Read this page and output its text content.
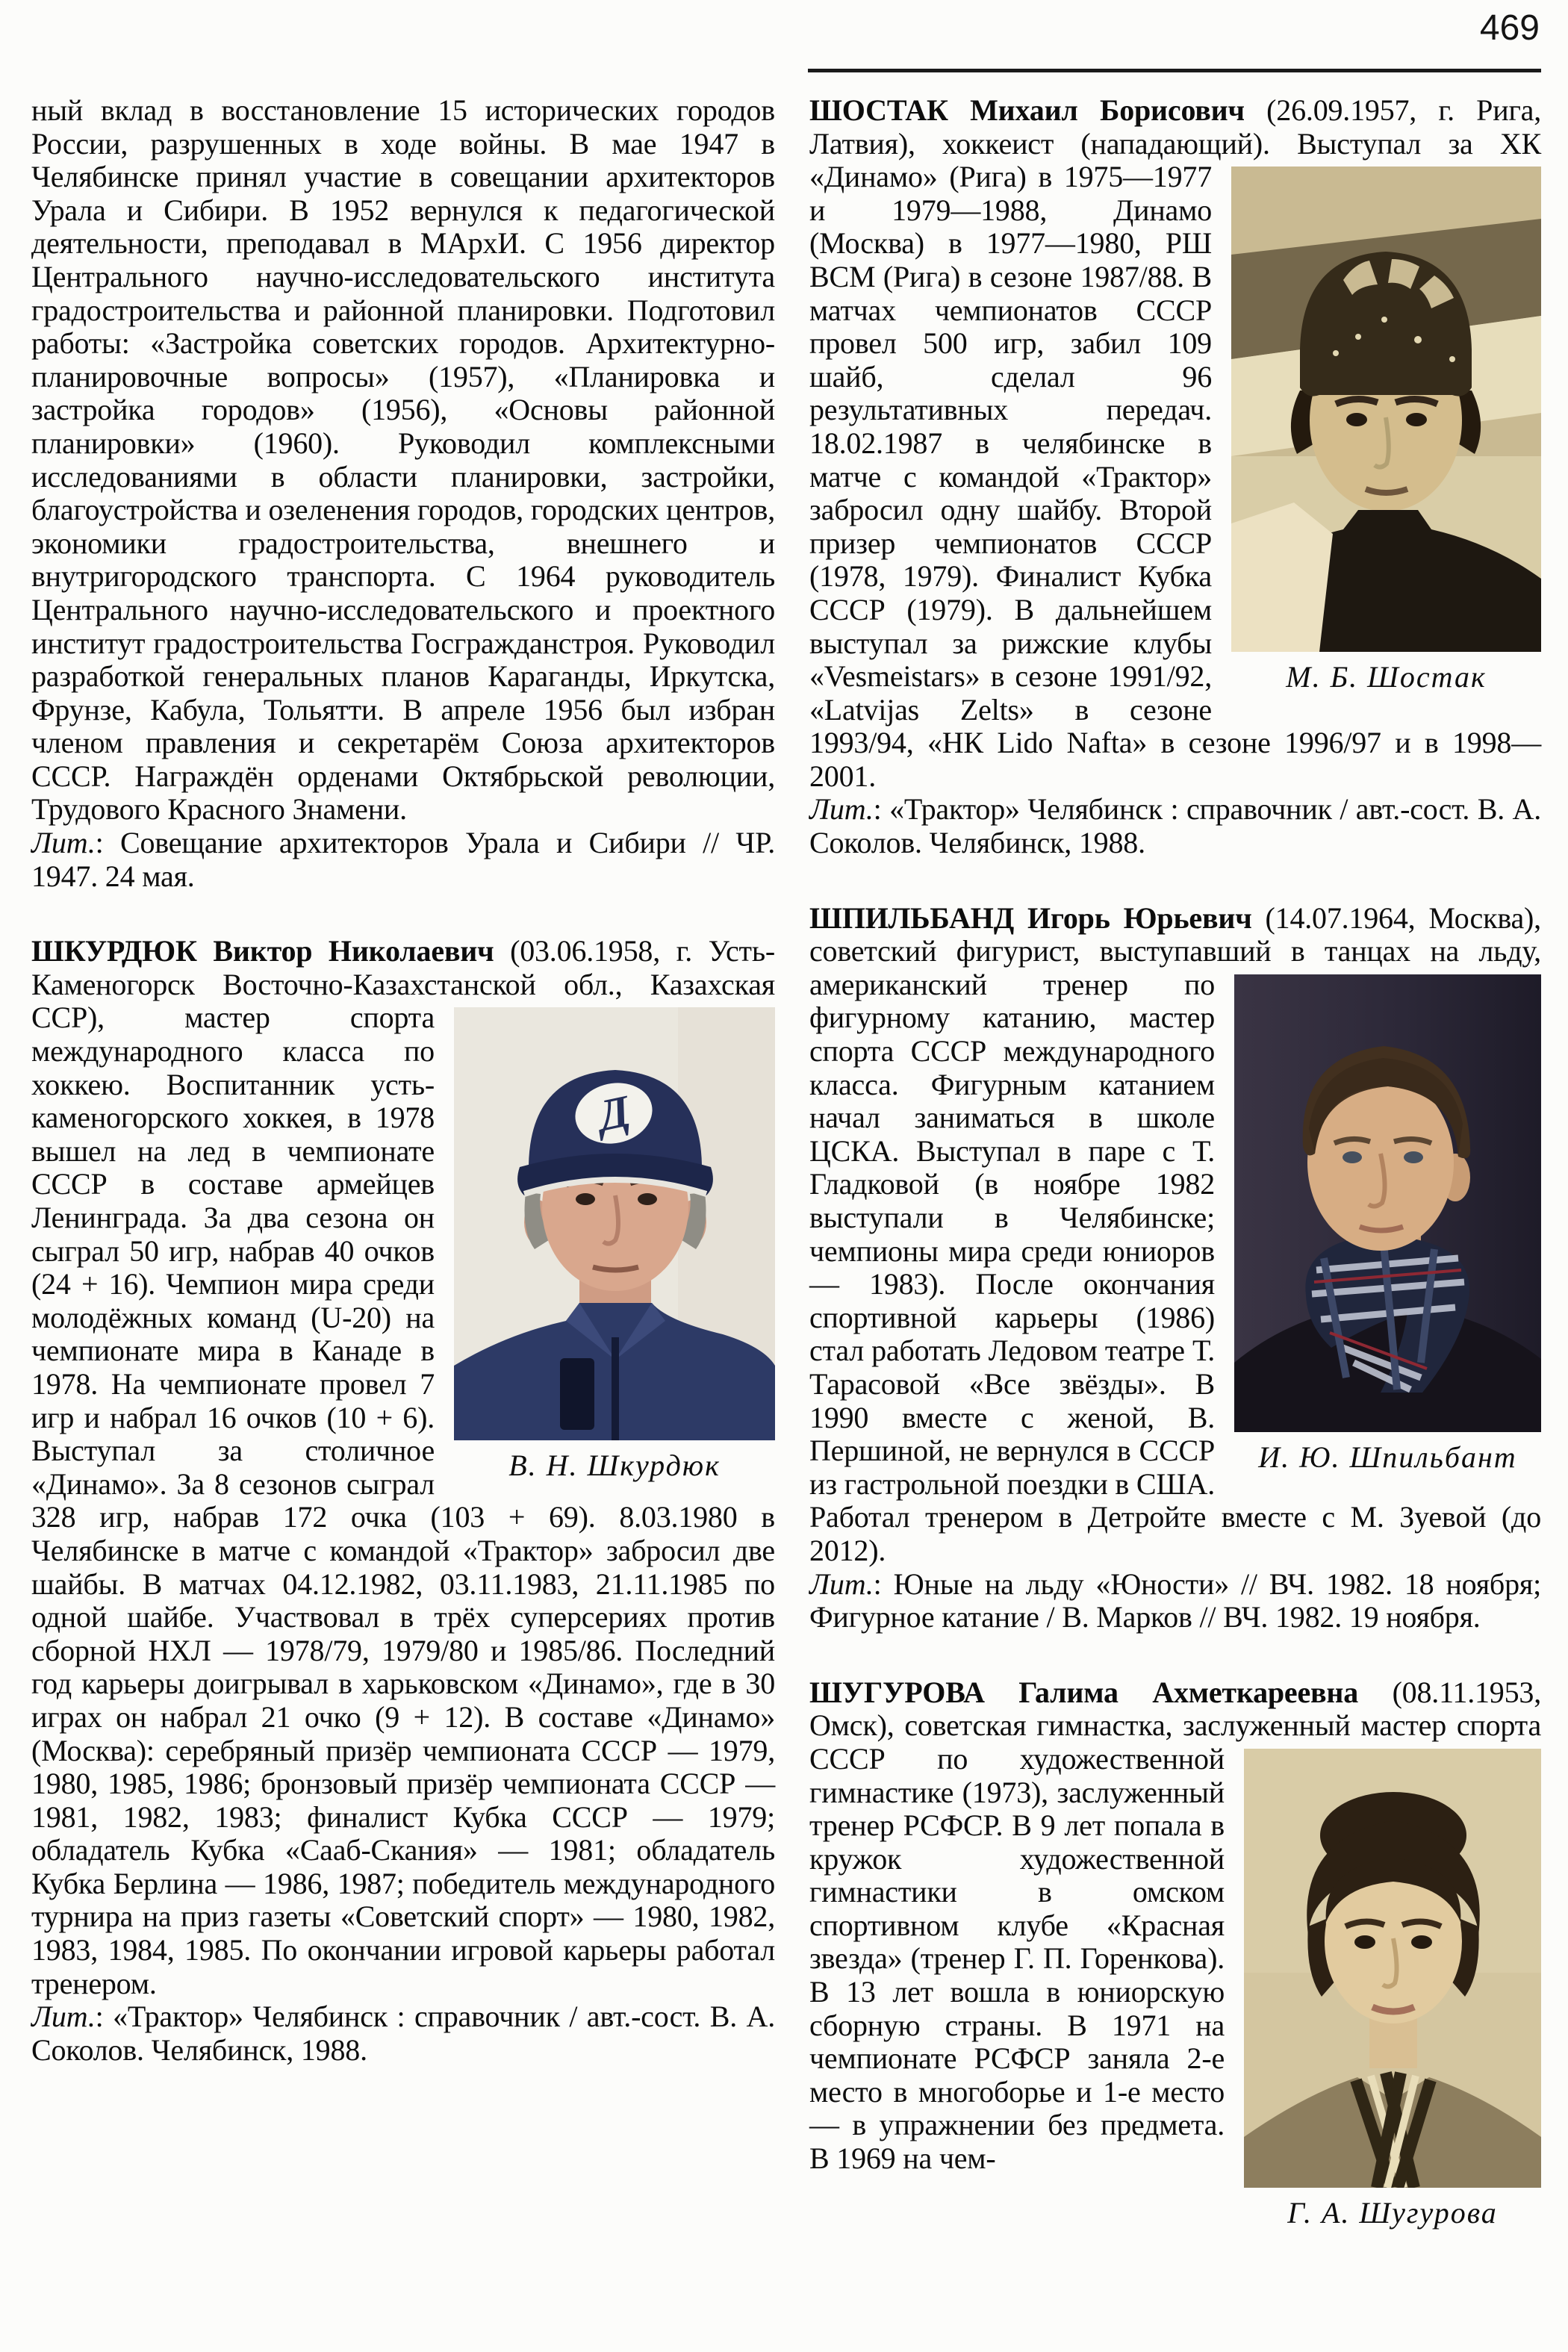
469

ный вклад в восстановление 15 исторических городов России, разрушенных в ходе войны. В мае 1947 в Челябинске принял участие в совещании архитекторов Урала и Сибири. В 1952 вернулся к педагогической деятельности, преподавал в МАрхИ. С 1956 директор Центрального научно-исследовательского института градостроительства и районной планировки. Подготовил работы: «Застройка советских городов. Архитектурно-планировочные вопросы» (1957), «Планировка и застройка городов» (1956), «Основы районной планировки» (1960). Руководил комплексными исследованиями в области планировки, застройки, благоустройства и озеленения городов, городских центров, экономики градостроительства, внешнего и внутригородского транспорта. С 1964 руководитель Центрального научно-исследовательского и проектного институт градостроительства Госгражданстроя. Руководил разработкой генеральных планов Караганды, Иркутска, Фрунзе, Кабула, Тольятти. В апреле 1956 был избран членом правления и секретарём Союза архитекторов СССР. Награждён орденами Октябрьской революции, Трудового Красного Знамени.

Лит.: Совещание архитекторов Урала и Сибири // ЧР. 1947. 24 мая.

ШКУРДЮК Виктор Николаевич (03.06.1958, г. Усть-Каменогорск Восточно-Казахстанской
Д
В. Н. Шкурдюк
обл., Казахская ССР), мастер спорта международного класса по хоккею. Воспитанник усть-каменогорского хоккея, в 1978 вышел на лед в чемпионате СССР в составе армейцев Ленинграда. За два сезона он сыграл 50 игр, набрав 40 очков (24 + 16). Чемпион мира среди молодёжных команд (U-20) на чемпионате мира в Канаде в 1978. На чемпионате провел 7 игр и набрал 16 очков (10 + 6). Выступал за столичное «Динамо». За 8 сезонов сыграл 328 игр, набрав 172 очка (103 + 69). 8.03.1980 в Челябинске в матче с командой «Трактор» забросил две шайбы. В матчах 04.12.1982, 03.11.1983, 21.11.1985 по одной шайбе. Участвовал в трёх суперсериях против сборной НХЛ — 1978/79, 1979/80 и 1985/86. Последний год карьеры доигрывал в харьковском «Динамо», где в 30 играх он набрал 21 очко (9 + 12). В составе «Динамо» (Москва): серебряный призёр чемпионата СССР — 1979, 1980, 1985, 1986; бронзовый призёр чемпионата СССР — 1981, 1982, 1983; финалист Кубка СССР — 1979; обладатель Кубка «Сааб-Скания» — 1981; обладатель Кубка Берлина — 1986, 1987; победитель международного турнира на приз газеты «Советский спорт» — 1980, 1982, 1983, 1984, 1985. По окончании игровой карьеры работал тренером.

Лит.: «Трактор» Челябинск : справочник / авт.-сост. В. А. Соколов. Челябинск, 1988.

ШОСТАК Михаил Борисович (26.09.1957, г. Рига, Латвия), хоккеист (нападающий).
М. Б. Шостак
Выступал за ХК «Динамо» (Рига) в 1975—1977 и 1979—1988, Динамо (Москва) в 1977—1980, РШ ВСМ (Рига) в сезоне 1987/88. В матчах чемпионатов СССР провел 500 игр, забил 109 шайб, сделал 96 результативных передач. 18.02.1987 в челябинске в матче с командой «Трактор» забросил одну шайбу. Второй призер чемпионатов СССР (1978, 1979). Финалист Кубка СССР (1979). В дальнейшем выступал за рижские клубы «Vesmeistars» в сезоне 1991/92, «Latvijas Zelts» в сезоне 1993/94, «НК Lido Nafta» в сезоне 1996/97 и в 1998—2001.

Лит.: «Трактор» Челябинск : справочник / авт.-сост. В. А. Соколов. Челябинск, 1988.

ШПИЛЬБАНД Игорь Юрьевич (14.07.1964, Москва), советский фигурист, выступавший в
И. Ю. Шпильбант
танцах на льду, американский тренер по фигурному катанию, мастер спорта СССР международного класса. Фигурным катанием начал заниматься в школе ЦСКА. Выступал в паре с Т. Гладковой (в ноябре 1982 выступали в Челябинске; чемпионы мира среди юниоров — 1983). После окончания спортивной карьеры (1986) стал работать Ледовом театре Т. Тарасовой «Все звёзды». В 1990 вместе с женой, В. Першиной, не вернулся в СССР из гастрольной поездки в США. Работал тренером в Детройте вместе с М. Зуевой (до 2012).

Лит.: Юные на льду «Юности» // ВЧ. 1982. 18 ноября; Фигурное катание / В. Марков // ВЧ. 1982. 19 ноября.

ШУГУРОВА Галима Ахметкареевна (08.11.1953, Омск), советская гимнастка, заслуженный мастер
Г. А. Шугурова
спорта СССР по художественной гимнастике (1973), заслуженный тренер РСФСР. В 9 лет попала в кружок художественной гимнастики в омском спортивном клубе «Красная звезда» (тренер Г. П. Горенкова). В 13 лет вошла в юниорскую сборную страны. В 1971 на чемпионате РСФСР заняла 2-е место в многоборье и 1-е место — в упражнении без предмета. В 1969 на чем-
